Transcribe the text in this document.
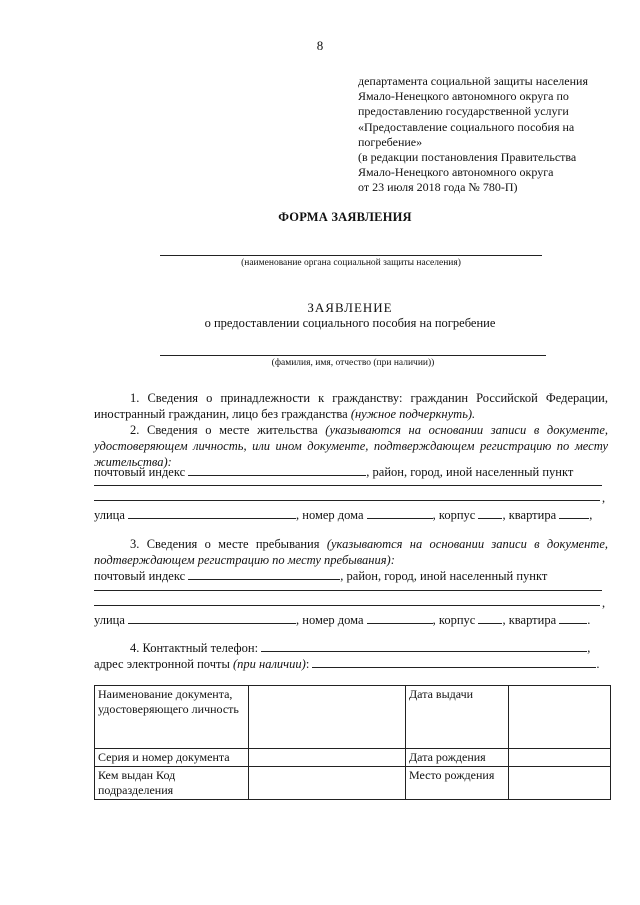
8
департамента социальной защиты населения
Ямало-Ненецкого автономного округа по
предоставлению государственной услуги
«Предоставление социального пособия на
погребение»
(в редакции постановления Правительства
Ямало-Ненецкого автономного округа
от 23 июля 2018 года № 780-П)
ФОРМА ЗАЯВЛЕНИЯ
(наименование органа социальной защиты населения)
ЗАЯВЛЕНИЕ
о предоставлении социального пособия на погребение
(фамилия, имя, отчество (при наличии))
1. Сведения о принадлежности к гражданству: гражданин Российской Федерации,
иностранный гражданин, лицо без гражданства (нужное подчеркнуть).
2. Сведения о месте жительства (указываются на основании записи в документе,
удостоверяющем личность, или ином документе, подтверждающем регистрацию по месту
жительства):
почтовый индекс	, район, город, иной населенный пункт
,
улица	, номер дома	, корпус , квартира	,
3. Сведения о месте пребывания (указываются на основании записи в документе,
подтверждающем регистрацию по месту пребывания):
почтовый индекс	, район, город, иной населенный пункт
,
улица	, номер дома	, корпус , квартира .
4. Контактный телефон:	,
адрес электронной почты (при наличии):	.
Наименование документа, удостоверяющего личность		Дата выдачи	
Серия и номер документа		Дата рождения	
Кем выдан Код подразделения		Место рождения	
